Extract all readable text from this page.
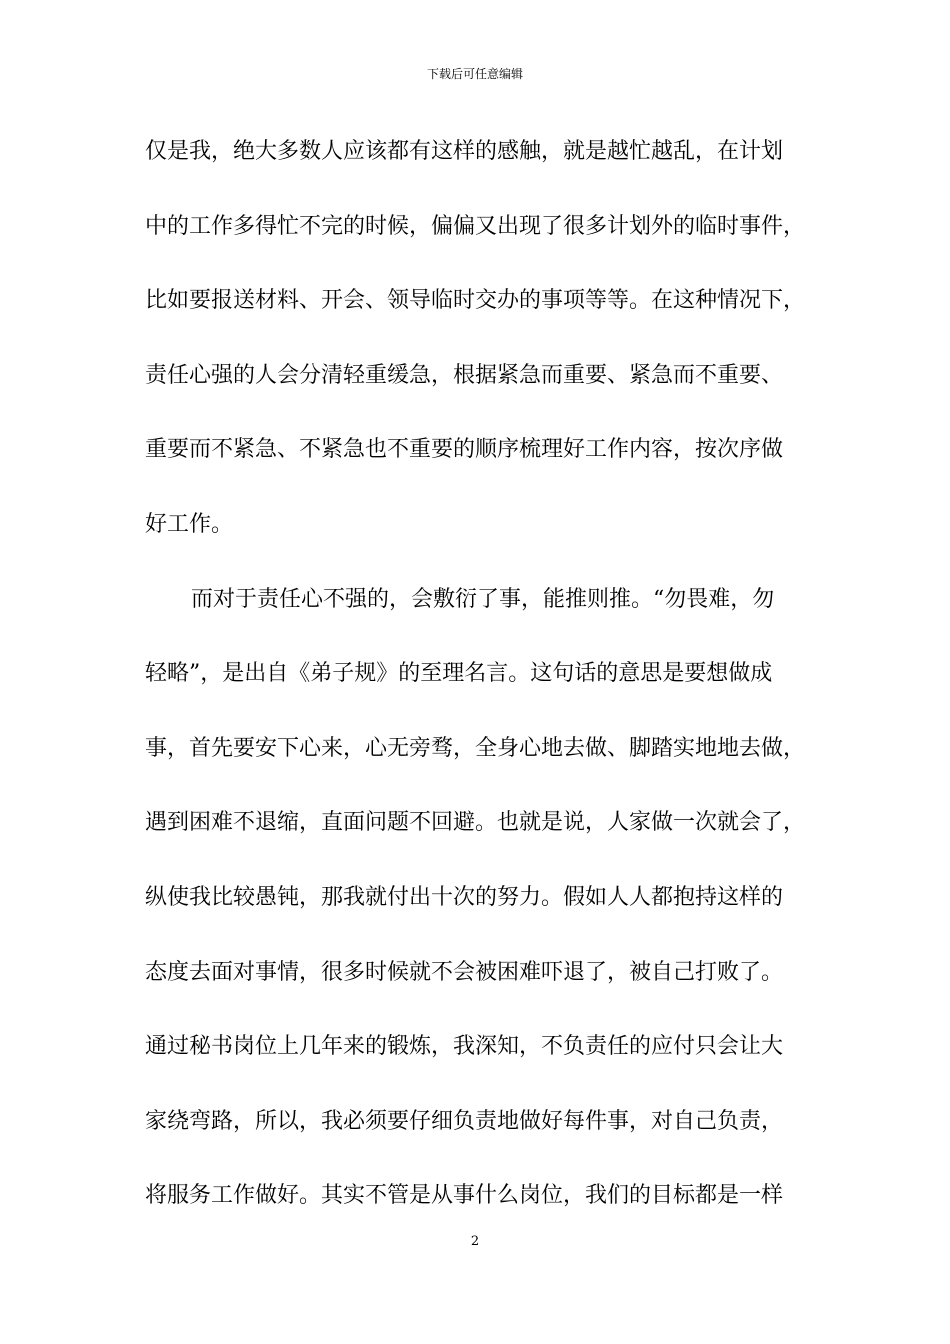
下载后可任意编辑
仅是我，绝大多数人应该都有这样的感触，就是越忙越乱，在计划
中的工作多得忙不完的时候，偏偏又出现了很多计划外的临时事件，
比如要报送材料、开会、领导临时交办的事项等等。在这种情况下，
责任心强的人会分清轻重缓急，根据紧急而重要、紧急而不重要、
重要而不紧急、不紧急也不重要的顺序梳理好工作内容，按次序做
好工作。
而对于责任心不强的，会敷衍了事，能推则推。“勿畏难，勿
轻略”，是出自《弟子规》的至理名言。这句话的意思是要想做成
事，首先要安下心来，心无旁骛，全身心地去做、脚踏实地地去做，
遇到困难不退缩，直面问题不回避。也就是说，人家做一次就会了，
纵使我比较愚钝，那我就付出十次的努力。假如人人都抱持这样的
态度去面对事情，很多时候就不会被困难吓退了，被自己打败了。
通过秘书岗位上几年来的锻炼，我深知，不负责任的应付只会让大
家绕弯路，所以，我必须要仔细负责地做好每件事，对自己负责，
将服务工作做好。其实不管是从事什么岗位，我们的目标都是一样
2
